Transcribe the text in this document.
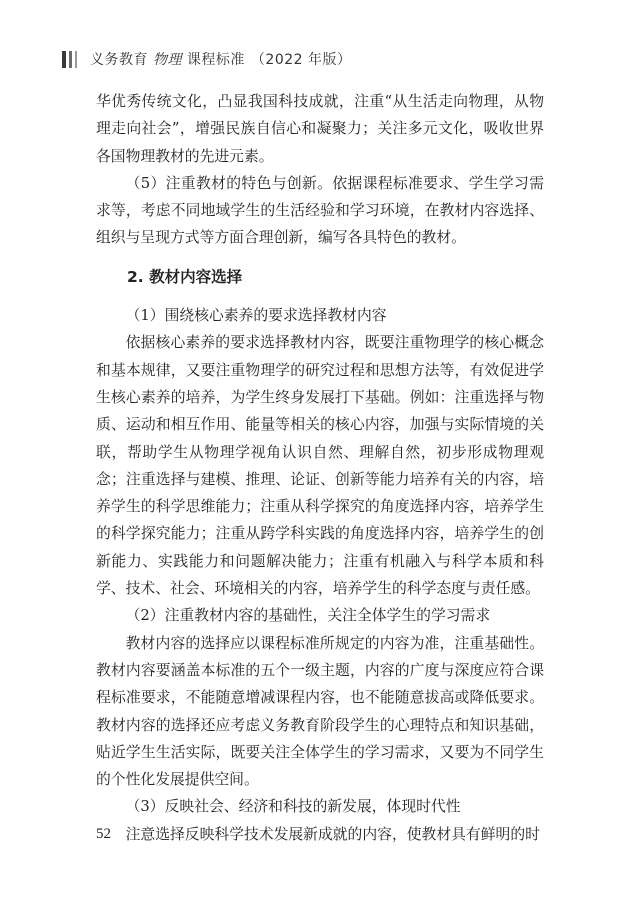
义务教育 物理 课程标准 （2022 年版）

华优秀传统文化，凸显我国科技成就，注重“从生活走向物理，从物理走向社会”，增强民族自信心和凝聚力；关注多元文化，吸收世界各国物理教材的先进元素。

（5）注重教材的特色与创新。依据课程标准要求、学生学习需求等，考虑不同地域学生的生活经验和学习环境，在教材内容选择、组织与呈现方式等方面合理创新，编写各具特色的教材。

2. 教材内容选择

（1）围绕核心素养的要求选择教材内容

依据核心素养的要求选择教材内容，既要注重物理学的核心概念和基本规律，又要注重物理学的研究过程和思想方法等，有效促进学生核心素养的培养，为学生终身发展打下基础。例如：注重选择与物质、运动和相互作用、能量等相关的核心内容，加强与实际情境的关联，帮助学生从物理学视角认识自然、理解自然，初步形成物理观念；注重选择与建模、推理、论证、创新等能力培养有关的内容，培养学生的科学思维能力；注重从科学探究的角度选择内容，培养学生的科学探究能力；注重从跨学科实践的角度选择内容，培养学生的创新能力、实践能力和问题解决能力；注重有机融入与科学本质和科学、技术、社会、环境相关的内容，培养学生的科学态度与责任感。

（2）注重教材内容的基础性，关注全体学生的学习需求

教材内容的选择应以课程标准所规定的内容为准，注重基础性。教材内容要涵盖本标准的五个一级主题，内容的广度与深度应符合课程标准要求，不能随意增减课程内容，也不能随意拔高或降低要求。教材内容的选择还应考虑义务教育阶段学生的心理特点和知识基础，贴近学生生活实际，既要关注全体学生的学习需求，又要为不同学生的个性化发展提供空间。

（3）反映社会、经济和科技的新发展，体现时代性

注意选择反映科学技术发展新成就的内容，使教材具有鲜明的时

52
